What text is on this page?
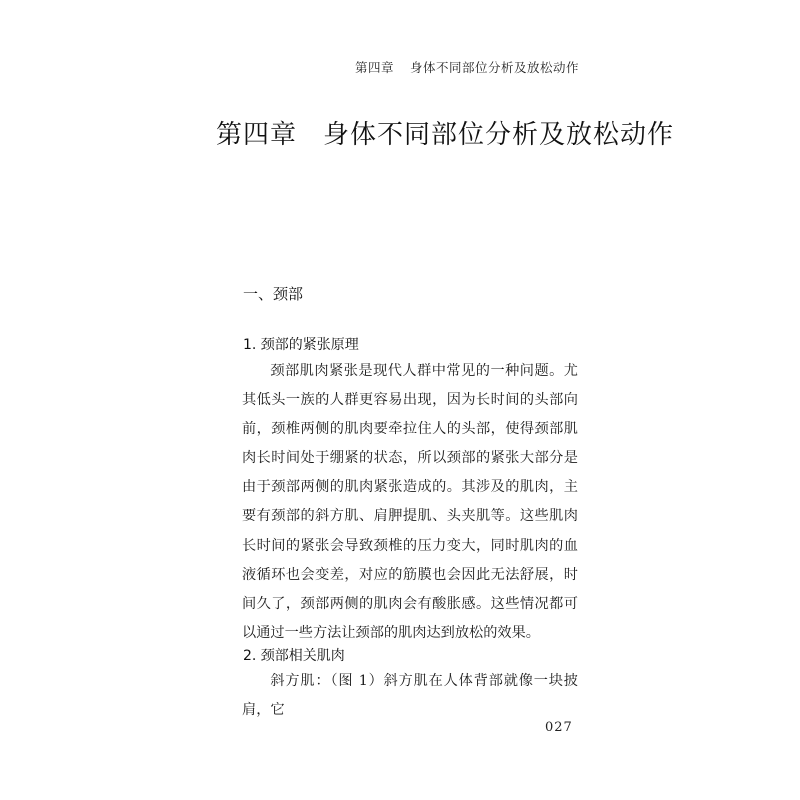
第四章 身体不同部位分析及放松动作
第四章 身体不同部位分析及放松动作
一、颈部
1. 颈部的紧张原理

颈部肌肉紧张是现代人群中常见的一种问题。尤其低头一族的人群更容易出现，因为长时间的头部向前，颈椎两侧的肌肉要牵拉住人的头部，使得颈部肌肉长时间处于绷紧的状态，所以颈部的紧张大部分是由于颈部两侧的肌肉紧张造成的。其涉及的肌肉，主要有颈部的斜方肌、肩胛提肌、头夹肌等。这些肌肉长时间的紧张会导致颈椎的压力变大，同时肌肉的血液循环也会变差，对应的筋膜也会因此无法舒展，时间久了，颈部两侧的肌肉会有酸胀感。这些情况都可以通过一些方法让颈部的肌肉达到放松的效果。

2. 颈部相关肌肉

斜方肌：（图 1）斜方肌在人体背部就像一块披肩，它

027
